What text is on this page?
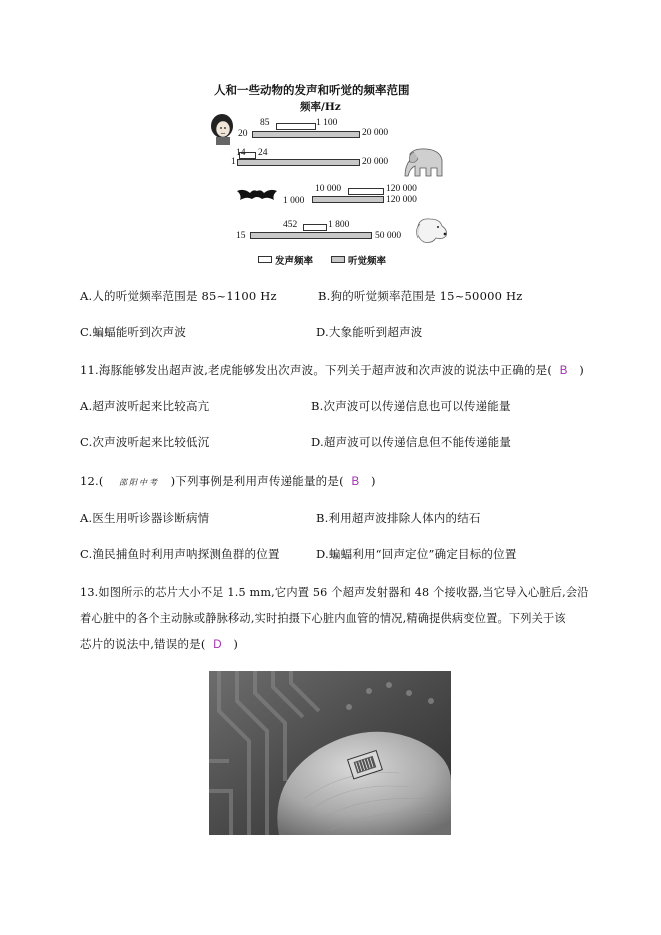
人和一些动物的发声和听觉的频率范围
频率/Hz
20
85	1 100
20 000
1
14 24
20 000
1 000
10 000	120 000
120 000
15
452	1 800
50 000
发声频率	听觉频率
A.人的听觉频率范围是 85~1100 Hz	B.狗的听觉频率范围是 15~50000 Hz
C.蝙蝠能听到次声波	D.大象能听到超声波
11.海豚能够发出超声波,老虎能够发出次声波。下列关于超声波和次声波的说法中正确的是( B )
A.超声波听起来比较高亢	B.次声波可以传递信息也可以传递能量
C.次声波听起来比较低沉	D.超声波可以传递信息但不能传递能量
12.( 邵阳中考 )下列事例是利用声传递能量的是( B )
A.医生用听诊器诊断病情	B.利用超声波排除人体内的结石
C.渔民捕鱼时利用声呐探测鱼群的位置	D.蝙蝠利用“回声定位”确定目标的位置
13.如图所示的芯片大小不足 1.5 mm,它内置 56 个超声发射器和 48 个接收器,当它导入心脏后,会沿
着心脏中的各个主动脉或静脉移动,实时拍摄下心脏内血管的情况,精确提供病变位置。下列关于该
芯片的说法中,错误的是( D )
